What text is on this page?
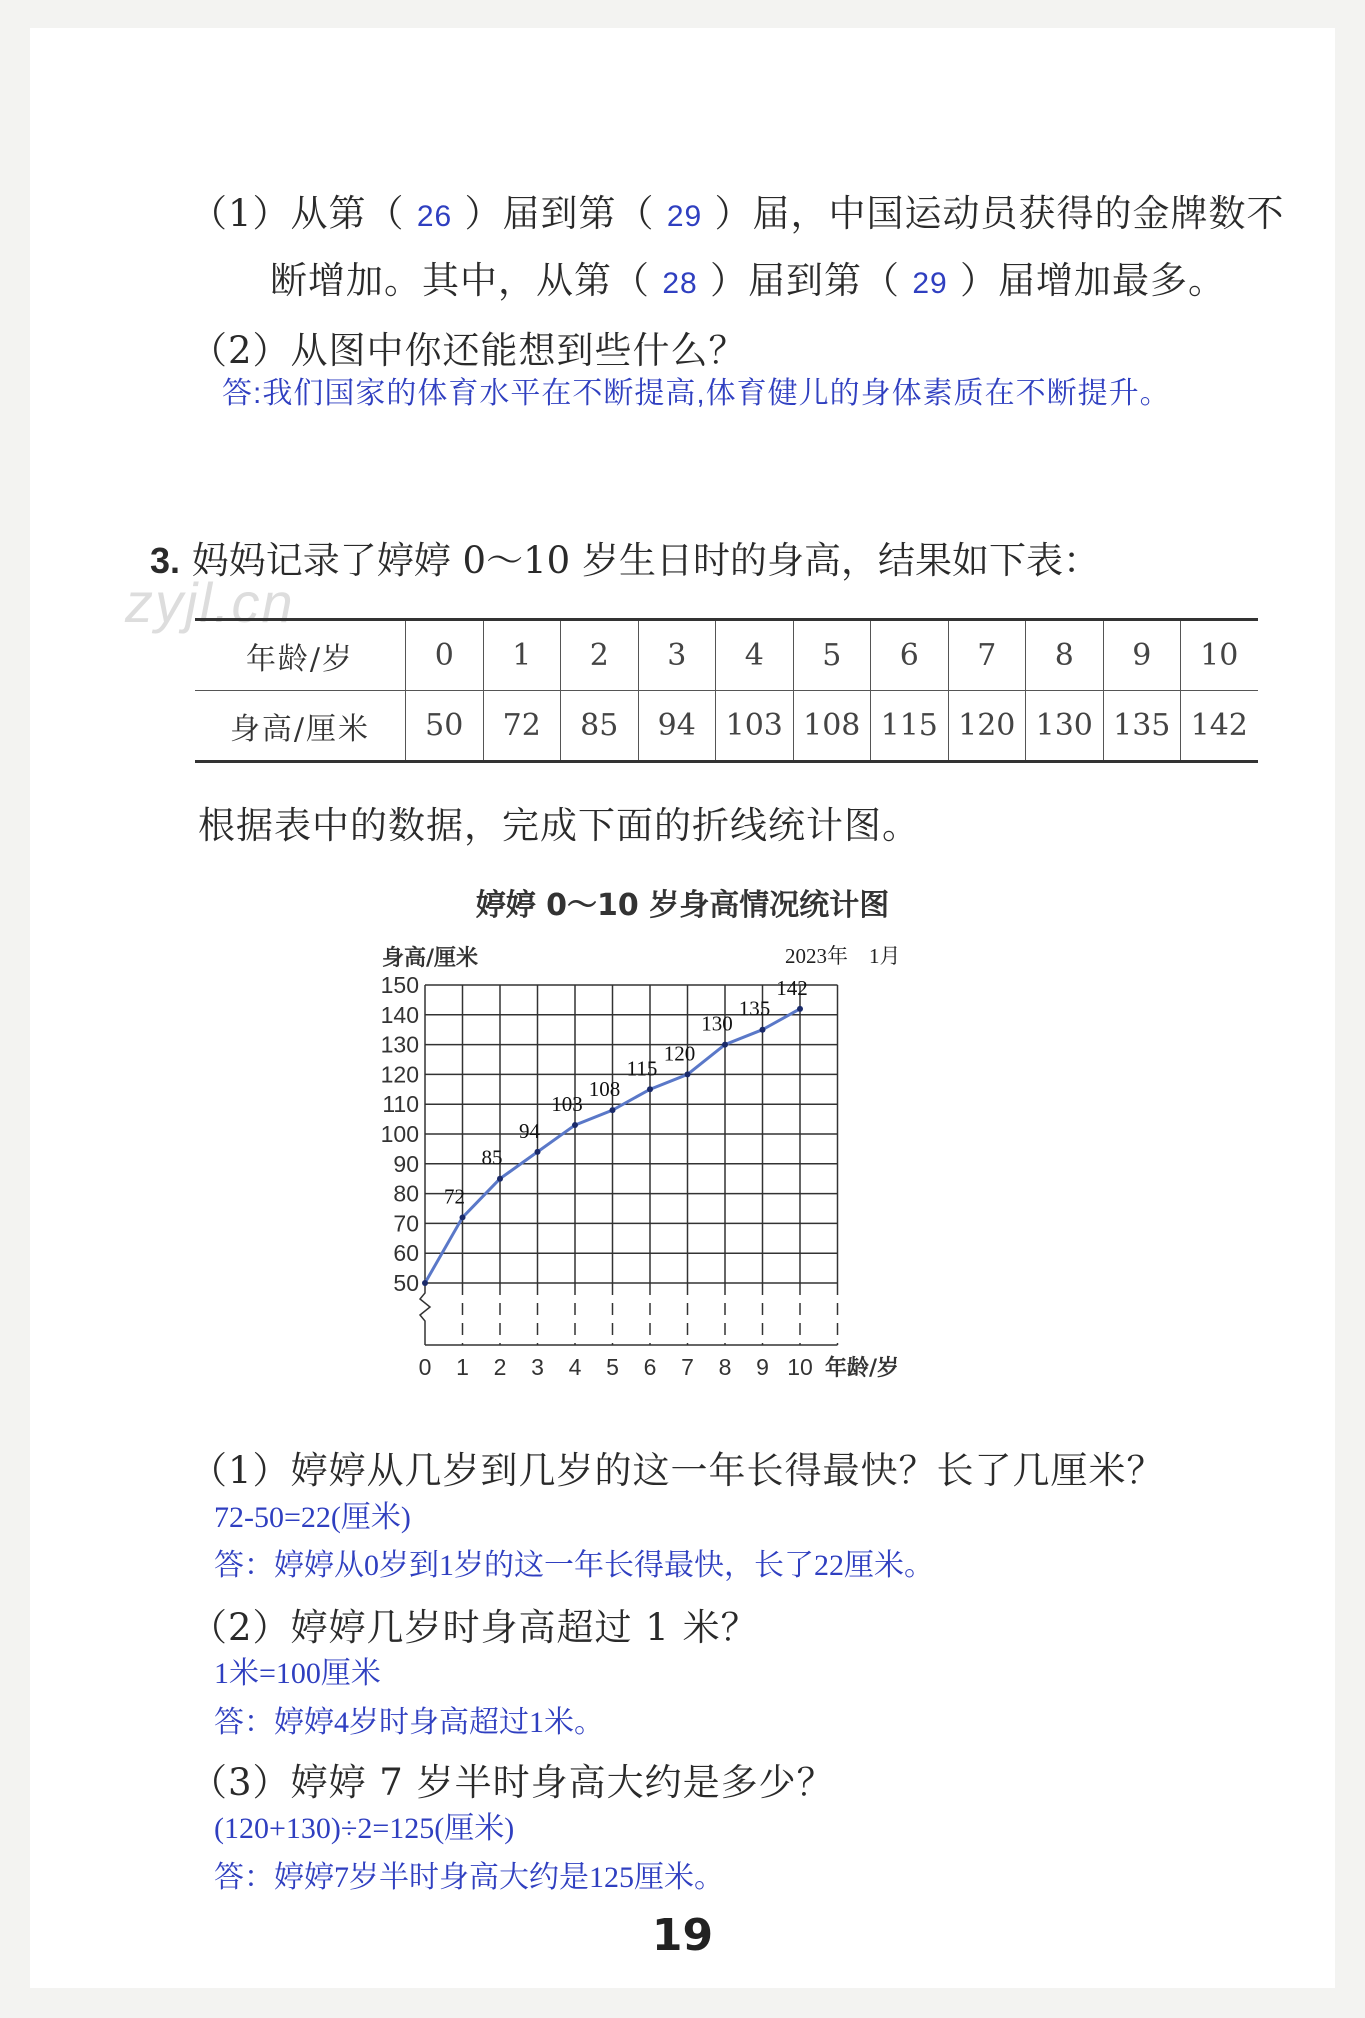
（1）从第（ 26 ）届到第（ 29 ）届，中国运动员获得的金牌数不
断增加。其中，从第（ 28 ）届到第（ 29 ）届增加最多。
（2）从图中你还能想到些什么？
答:我们国家的体育水平在不断提高,体育健儿的身体素质在不断提升。
zyjl.cn
3. 妈妈记录了婷婷 0～10 岁生日时的身高，结果如下表：
年龄/岁	0	1	2	3	4	5	6	7	8	9	10
身高/厘米	50	72	85	94	103	108	115	120	130	135	142
根据表中的数据，完成下面的折线统计图。
婷婷 0～10 岁身高情况统计图
50
60
70
80
90
100
110
120
130
140
150
0 1 2 3 4 5 6 7 8 9 10
身高/厘米
年龄/岁
2023年　1月
72
85
94
103
108
115
120
130
135
142
（1）婷婷从几岁到几岁的这一年长得最快？长了几厘米？
72-50=22(厘米)
答：婷婷从0岁到1岁的这一年长得最快，长了22厘米。
（2）婷婷几岁时身高超过 1 米？
1米=100厘米
答：婷婷4岁时身高超过1米。
（3）婷婷 7 岁半时身高大约是多少？
(120+130)÷2=125(厘米)
答：婷婷7岁半时身高大约是125厘米。
19
